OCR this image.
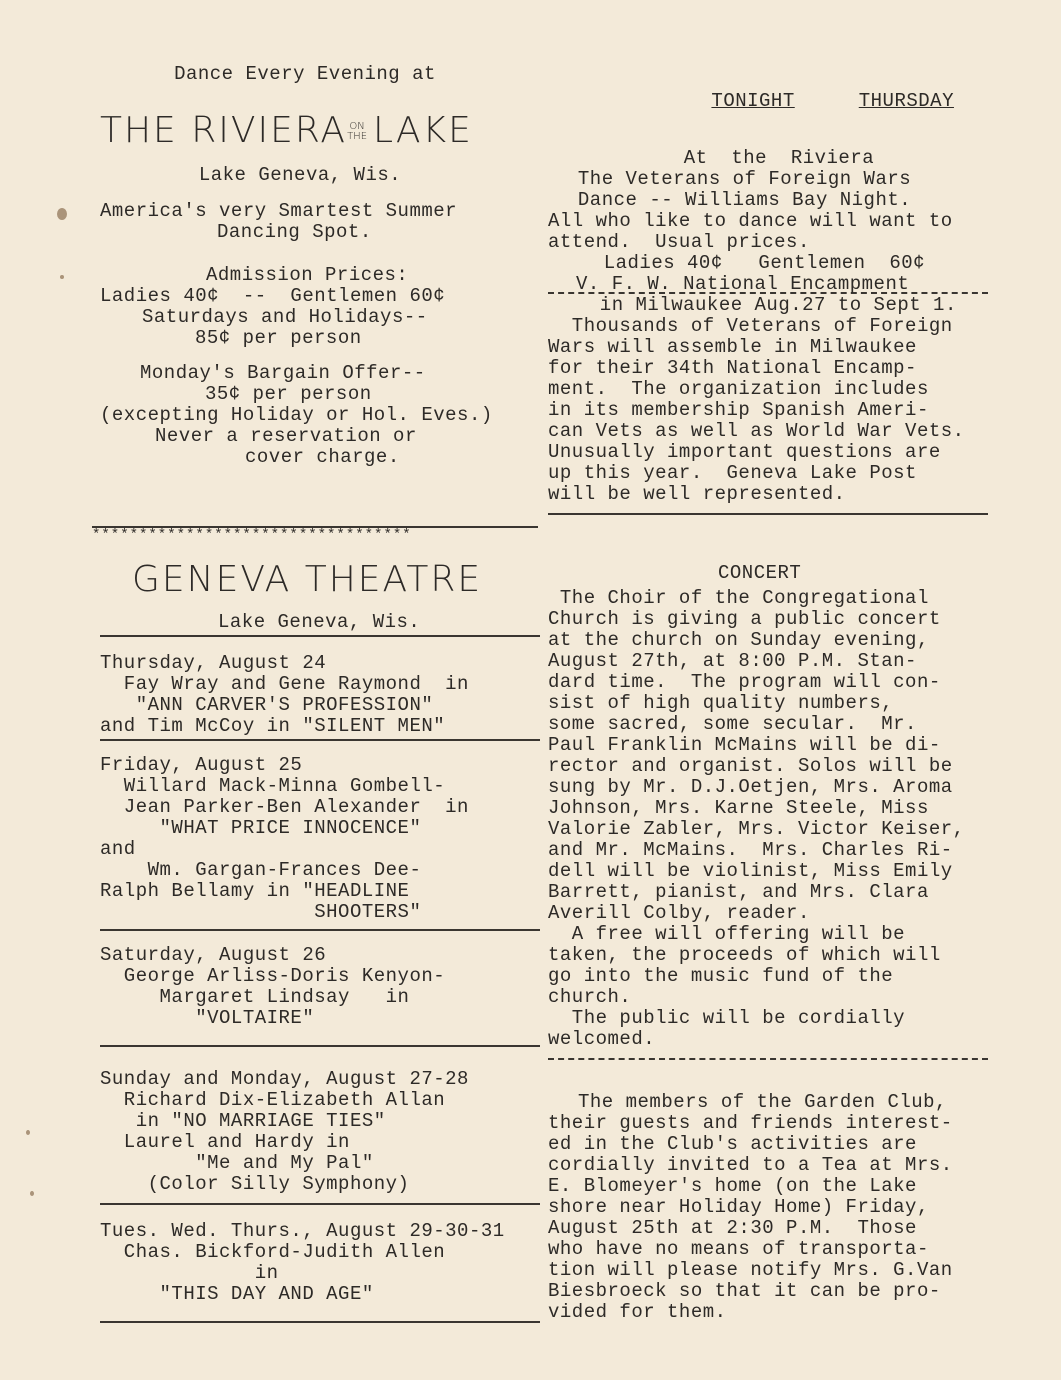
Dance Every Evening at

THE RIVIERA ON
THE LAKE

Lake Geneva, Wis.

America's very Smartest Summer

Dancing Spot.

Admission Prices:

Ladies 40¢  --  Gentlemen 60¢

Saturdays and Holidays--

85¢ per person

Monday's Bargain Offer--

35¢ per person

(excepting Holiday or Hol. Eves.)

Never a reservation or

cover charge.

**********************************
GENEVA THEATRE

Lake Geneva, Wis.

Thursday, August 24

Fay Wray and Gene Raymond  in

"ANN CARVER'S PROFESSION"

and Tim McCoy in "SILENT MEN"

Friday, August 25

Willard Mack-Minna Gombell-

Jean Parker-Ben Alexander  in

"WHAT PRICE INNOCENCE"

and

Wm. Gargan-Frances Dee-

Ralph Bellamy in "HEADLINE

SHOOTERS"

Saturday, August 26

George Arliss-Doris Kenyon-

Margaret Lindsay   in

"VOLTAIRE"

Sunday and Monday, August 27-28

Richard Dix-Elizabeth Allan

in "NO MARRIAGE TIES"

Laurel and Hardy in

"Me and My Pal"

(Color Silly Symphony)

Tues. Wed. Thurs., August 29-30-31

Chas. Bickford-Judith Allen

in

"THIS DAY AND AGE"

TONIGHT	THURSDAY

At  the  Riviera

The Veterans of Foreign Wars

Dance -- Williams Bay Night.

All who like to dance will want to

attend.  Usual prices.

Ladies 40¢   Gentlemen  60¢

V. F. W. National Encampment

in Milwaukee Aug.27 to Sept 1.

Thousands of Veterans of Foreign

Wars will assemble in Milwaukee

for their 34th National Encamp-

ment.  The organization includes

in its membership Spanish Ameri-

can Vets as well as World War Vets.

Unusually important questions are

up this year.  Geneva Lake Post

will be well represented.

CONCERT

The Choir of the Congregational

Church is giving a public concert

at the church on Sunday evening,

August 27th, at 8:00 P.M. Stan-

dard time.  The program will con-

sist of high quality numbers,

some sacred, some secular.  Mr.

Paul Franklin McMains will be di-

rector and organist. Solos will be

sung by Mr. D.J.Oetjen, Mrs. Aroma

Johnson, Mrs. Karne Steele, Miss

Valorie Zabler, Mrs. Victor Keiser,

and Mr. McMains.  Mrs. Charles Ri-

dell will be violinist, Miss Emily

Barrett, pianist, and Mrs. Clara

Averill Colby, reader.

A free will offering will be

taken, the proceeds of which will

go into the music fund of the

church.

The public will be cordially

welcomed.

The members of the Garden Club,

their guests and friends interest-

ed in the Club's activities are

cordially invited to a Tea at Mrs.

E. Blomeyer's home (on the Lake

shore near Holiday Home) Friday,

August 25th at 2:30 P.M.  Those

who have no means of transporta-

tion will please notify Mrs. G.Van

Biesbroeck so that it can be pro-

vided for them.
